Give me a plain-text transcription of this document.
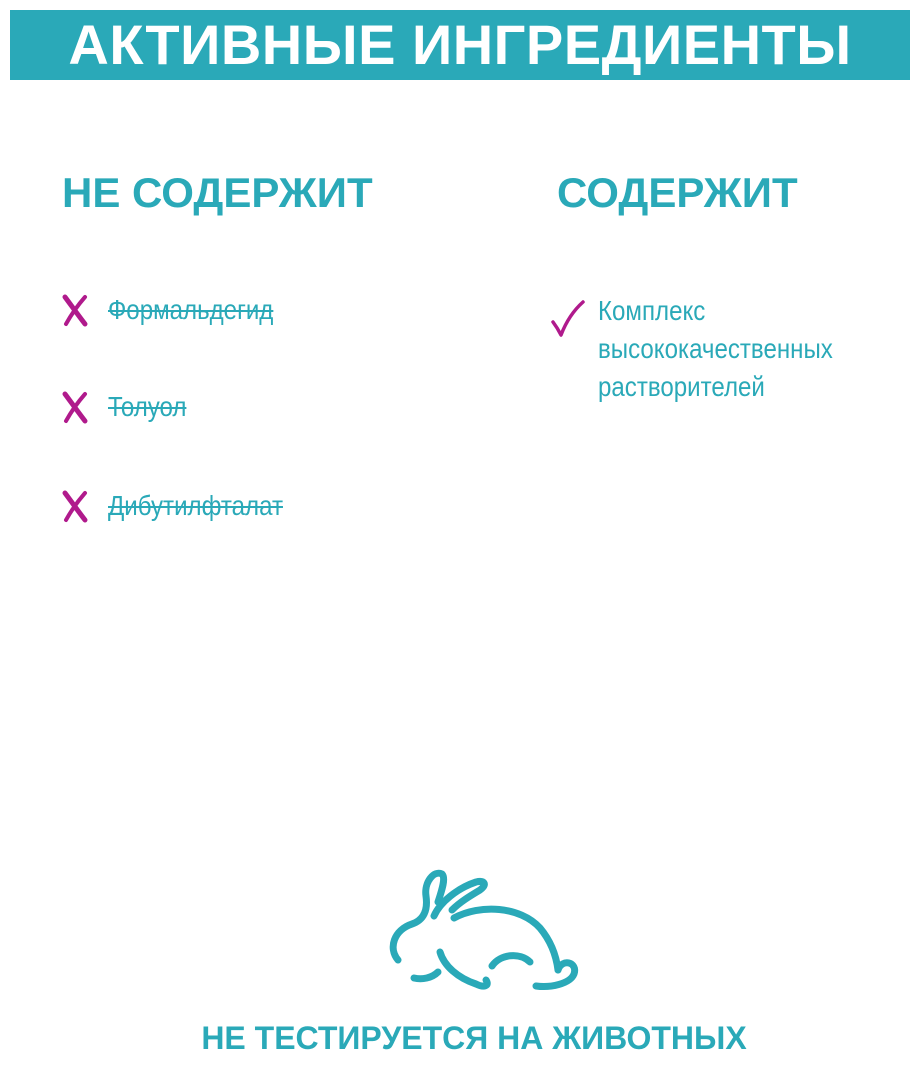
АКТИВНЫЕ ИНГРЕДИЕНТЫ
НЕ СОДЕРЖИТ	СОДЕРЖИТ
Формальдегид
Толуол
Дибутилфталат
Комплекс высококачественных растворителей
НЕ ТЕСТИРУЕТСЯ НА ЖИВОТНЫХ
